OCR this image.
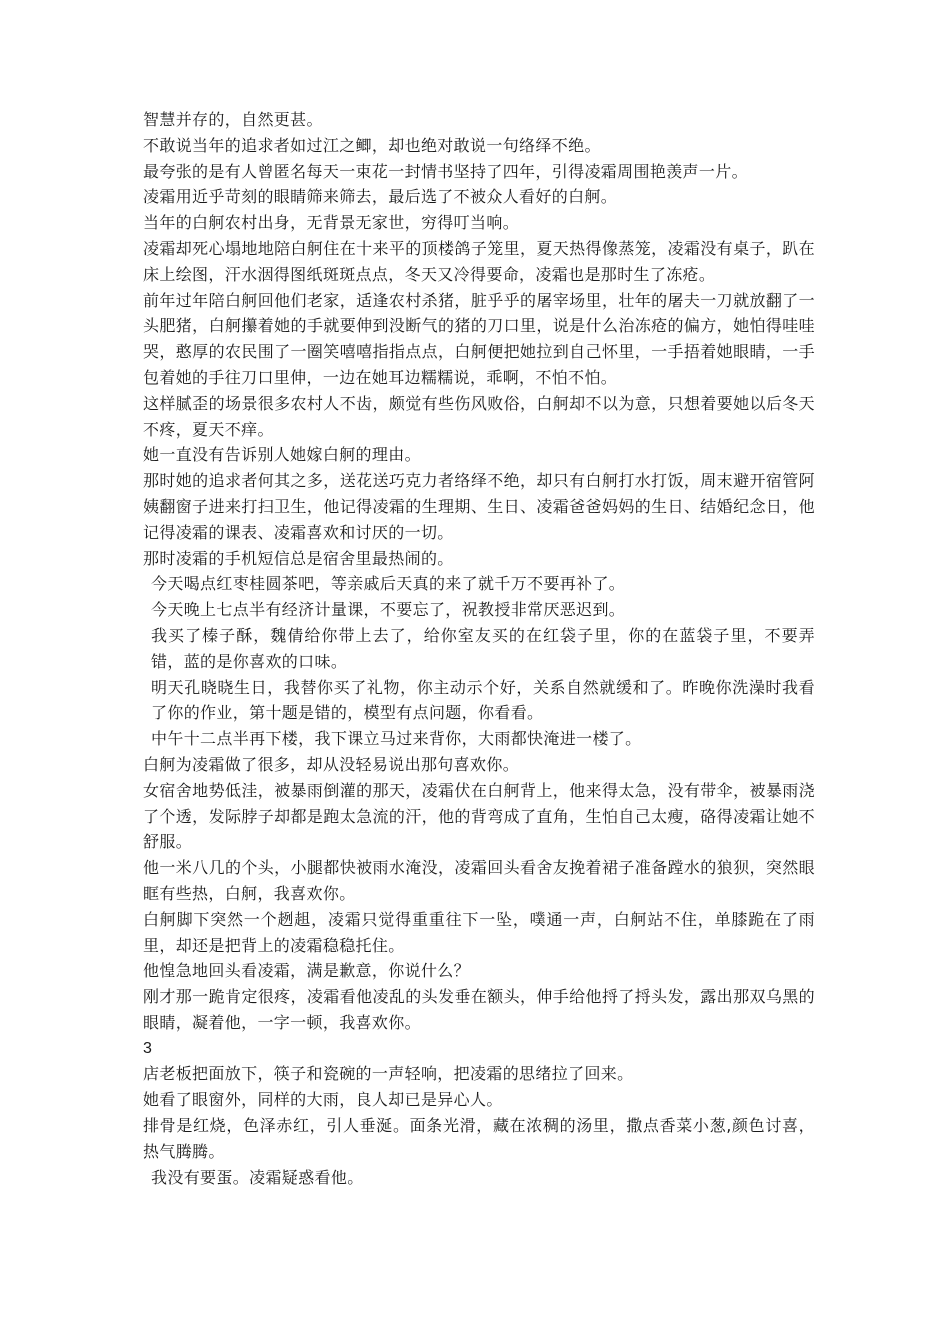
智慧并存的，自然更甚。

不敢说当年的追求者如过江之鲫，却也绝对敢说一句络绎不绝。

最夸张的是有人曾匿名每天一束花一封情书坚持了四年，引得凌霜周围艳羡声一片。

凌霜用近乎苛刻的眼睛筛来筛去，最后选了不被众人看好的白舸。

当年的白舸农村出身，无背景无家世，穷得叮当响。

凌霜却死心塌地地陪白舸住在十来平的顶楼鸽子笼里，夏天热得像蒸笼，凌霜没有桌子，趴在床上绘图，汗水洇得图纸斑斑点点，冬天又冷得要命，凌霜也是那时生了冻疮。

前年过年陪白舸回他们老家，适逢农村杀猪，脏乎乎的屠宰场里，壮年的屠夫一刀就放翻了一头肥猪，白舸攥着她的手就要伸到没断气的猪的刀口里，说是什么治冻疮的偏方，她怕得哇哇哭，憨厚的农民围了一圈笑嘻嘻指指点点，白舸便把她拉到自己怀里，一手捂着她眼睛，一手包着她的手往刀口里伸，一边在她耳边糯糯说，乖啊，不怕不怕。

这样腻歪的场景很多农村人不齿，颇觉有些伤风败俗，白舸却不以为意，只想着要她以后冬天不疼，夏天不痒。

她一直没有告诉别人她嫁白舸的理由。

那时她的追求者何其之多，送花送巧克力者络绎不绝，却只有白舸打水打饭，周末避开宿管阿姨翻窗子进来打扫卫生，他记得凌霜的生理期、生日、凌霜爸爸妈妈的生日、结婚纪念日，他记得凌霜的课表、凌霜喜欢和讨厌的一切。

那时凌霜的手机短信总是宿舍里最热闹的。

今天喝点红枣桂圆茶吧，等亲戚后天真的来了就千万不要再补了。

今天晚上七点半有经济计量课，不要忘了，祝教授非常厌恶迟到。

我买了榛子酥，魏倩给你带上去了，给你室友买的在红袋子里，你的在蓝袋子里，不要弄错，蓝的是你喜欢的口味。

明天孔晓晓生日，我替你买了礼物，你主动示个好，关系自然就缓和了。昨晚你洗澡时我看了你的作业，第十题是错的，模型有点问题，你看看。

中午十二点半再下楼，我下课立马过来背你，大雨都快淹进一楼了。

白舸为凌霜做了很多，却从没轻易说出那句喜欢你。

女宿舍地势低洼，被暴雨倒灌的那天，凌霜伏在白舸背上，他来得太急，没有带伞，被暴雨浇了个透，发际脖子却都是跑太急流的汗，他的背弯成了直角，生怕自己太瘦，硌得凌霜让她不舒服。

他一米八几的个头，小腿都快被雨水淹没，凌霜回头看舍友挽着裙子准备蹚水的狼狈，突然眼眶有些热，白舸，我喜欢你。

白舸脚下突然一个趔趄，凌霜只觉得重重往下一坠，噗通一声，白舸站不住，单膝跪在了雨里，却还是把背上的凌霜稳稳托住。

他惶急地回头看凌霜，满是歉意，你说什么？

刚才那一跪肯定很疼，凌霜看他凌乱的头发垂在额头，伸手给他捋了捋头发，露出那双乌黑的眼睛，凝着他，一字一顿，我喜欢你。

3

店老板把面放下，筷子和瓷碗的一声轻响，把凌霜的思绪拉了回来。

她看了眼窗外，同样的大雨，良人却已是异心人。

排骨是红烧，色泽赤红，引人垂涎。面条光滑，藏在浓稠的汤里，撒点香菜小葱,颜色讨喜，热气腾腾。

我没有要蛋。凌霜疑惑看他。
